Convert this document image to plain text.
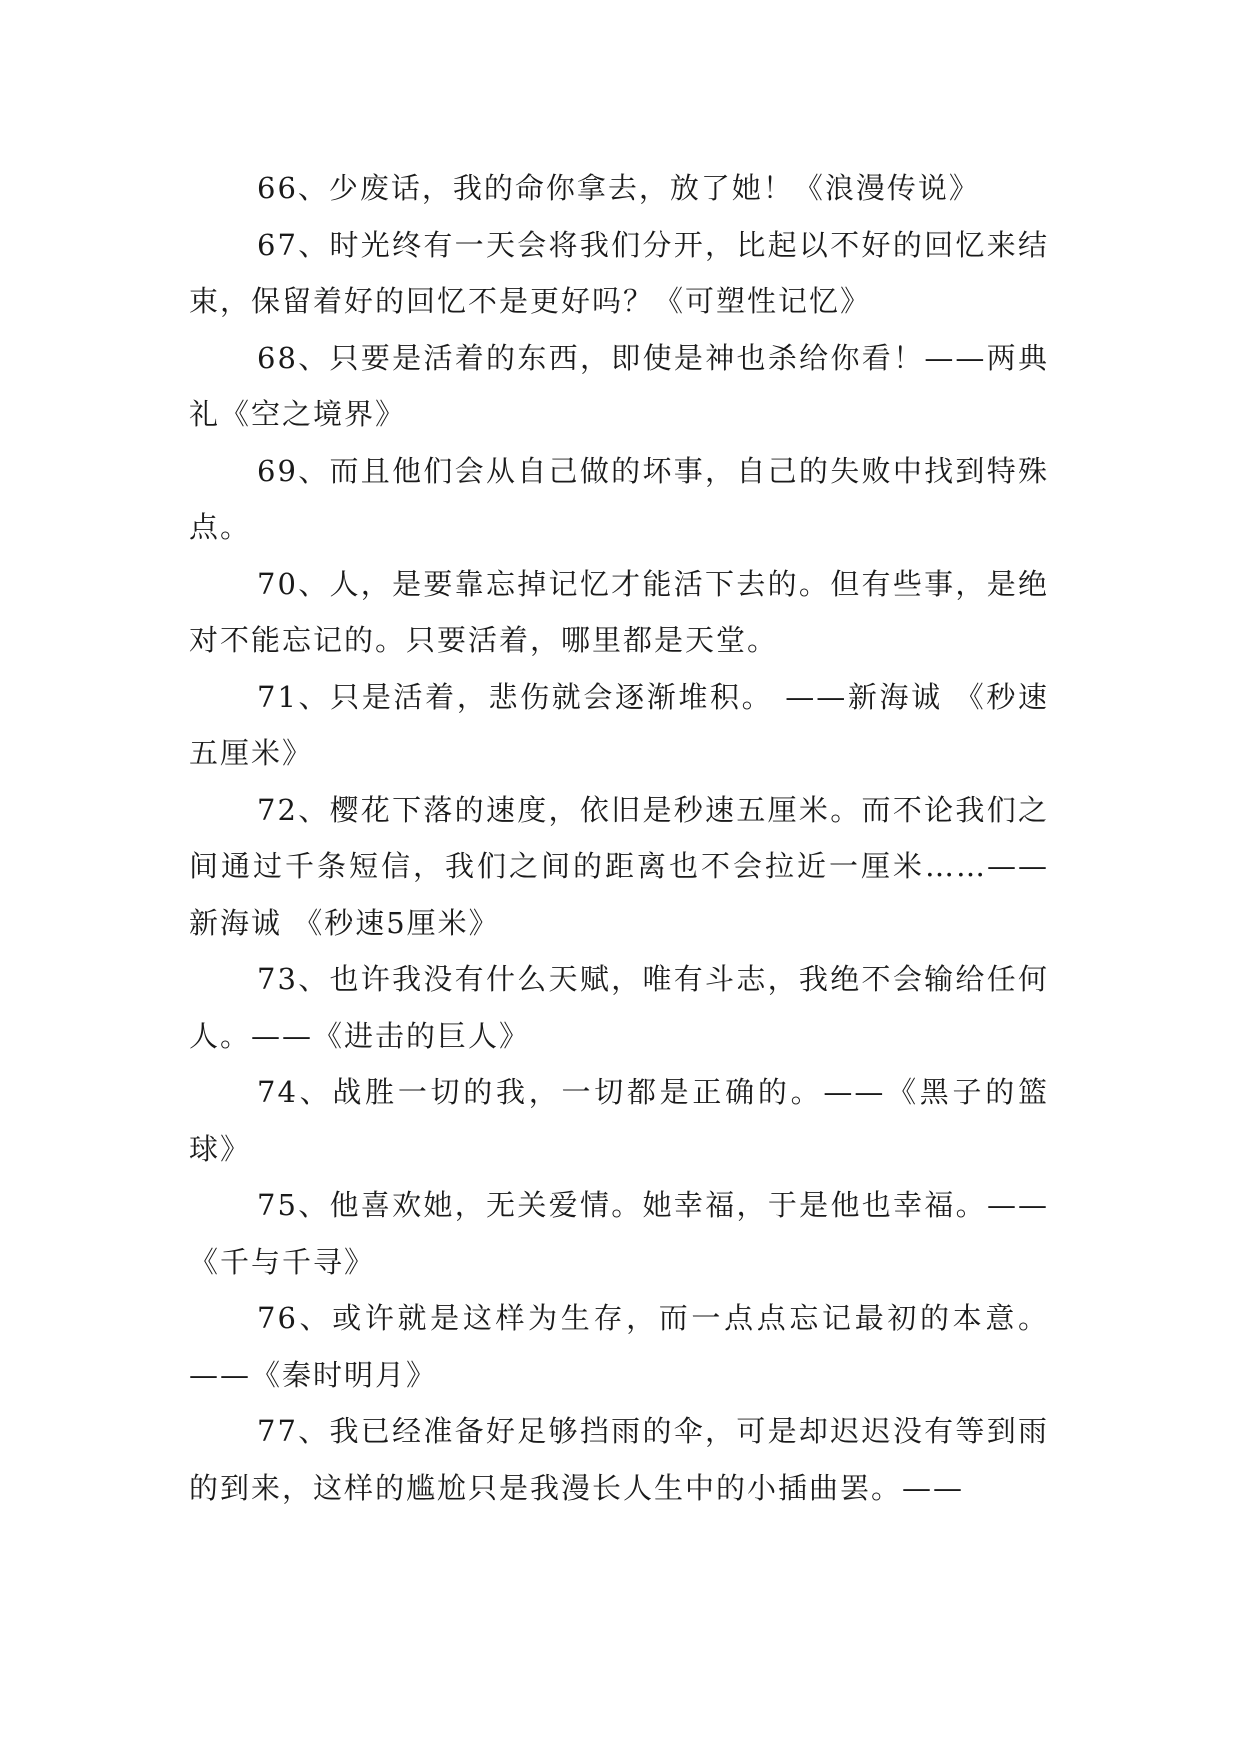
66、少废话，我的命你拿去，放了她！《浪漫传说》

67、时光终有一天会将我们分开，比起以不好的回忆来结束，保留着好的回忆不是更好吗？《可塑性记忆》

68、只要是活着的东西，即使是神也杀给你看！——两典礼《空之境界》

69、而且他们会从自己做的坏事，自己的失败中找到特殊点。

70、人，是要靠忘掉记忆才能活下去的。但有些事，是绝对不能忘记的。只要活着，哪里都是天堂。

71、只是活着，悲伤就会逐渐堆积。 ——新海诚 《秒速五厘米》

72、樱花下落的速度，依旧是秒速五厘米。而不论我们之间通过千条短信，我们之间的距离也不会拉近一厘米……——新海诚 《秒速5厘米》

73、也许我没有什么天赋，唯有斗志，我绝不会输给任何人。——《进击的巨人》

74、战胜一切的我，一切都是正确的。——《黑子的篮球》

75、他喜欢她，无关爱情。她幸福，于是他也幸福。——《千与千寻》

76、或许就是这样为生存，而一点点忘记最初的本意。——《秦时明月》

77、我已经准备好足够挡雨的伞，可是却迟迟没有等到雨的到来，这样的尴尬只是我漫长人生中的小插曲罢。——
